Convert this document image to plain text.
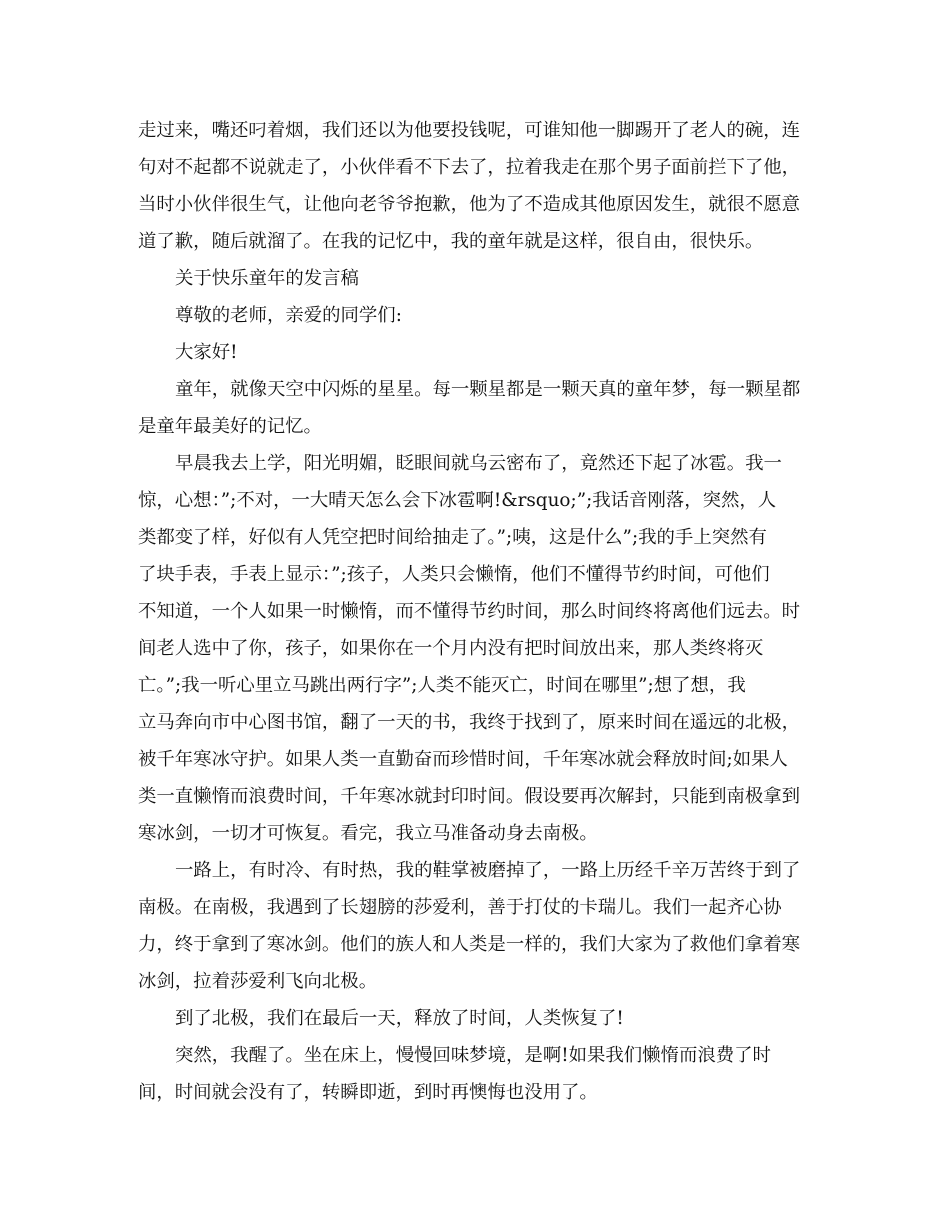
走过来，嘴还叼着烟，我们还以为他要投钱呢，可谁知他一脚踢开了老人的碗，连
句对不起都不说就走了，小伙伴看不下去了，拉着我走在那个男子面前拦下了他，
当时小伙伴很生气，让他向老爷爷抱歉，他为了不造成其他原因发生，就很不愿意
道了歉，随后就溜了。在我的记忆中，我的童年就是这样，很自由，很快乐。
关于快乐童年的发言稿
尊敬的老师，亲爱的同学们:
大家好!
童年，就像天空中闪烁的星星。每一颗星都是一颗天真的童年梦，每一颗星都
是童年最美好的记忆。
早晨我去上学，阳光明媚，眨眼间就乌云密布了，竟然还下起了冰雹。我一
惊，心想：”;不对，一大晴天怎么会下冰雹啊!&rsquo;”;我话音刚落，突然，人
类都变了样，好似有人凭空把时间给抽走了。”;咦，这是什么”;我的手上突然有
了块手表，手表上显示：”;孩子，人类只会懒惰，他们不懂得节约时间，可他们
不知道，一个人如果一时懒惰，而不懂得节约时间，那么时间终将离他们远去。时
间老人选中了你，孩子，如果你在一个月内没有把时间放出来，那人类终将灭
亡。”;我一听心里立马跳出两行字”;人类不能灭亡，时间在哪里”;想了想，我
立马奔向市中心图书馆，翻了一天的书，我终于找到了，原来时间在遥远的北极，
被千年寒冰守护。如果人类一直勤奋而珍惜时间，千年寒冰就会释放时间;如果人
类一直懒惰而浪费时间，千年寒冰就封印时间。假设要再次解封，只能到南极拿到
寒冰剑，一切才可恢复。看完，我立马准备动身去南极。
一路上，有时冷、有时热，我的鞋掌被磨掉了，一路上历经千辛万苦终于到了
南极。在南极，我遇到了长翅膀的莎爱利，善于打仗的卡瑞儿。我们一起齐心协
力，终于拿到了寒冰剑。他们的族人和人类是一样的，我们大家为了救他们拿着寒
冰剑，拉着莎爱利飞向北极。
到了北极，我们在最后一天，释放了时间，人类恢复了!
突然，我醒了。坐在床上，慢慢回味梦境，是啊!如果我们懒惰而浪费了时
间，时间就会没有了，转瞬即逝，到时再懊悔也没用了。
